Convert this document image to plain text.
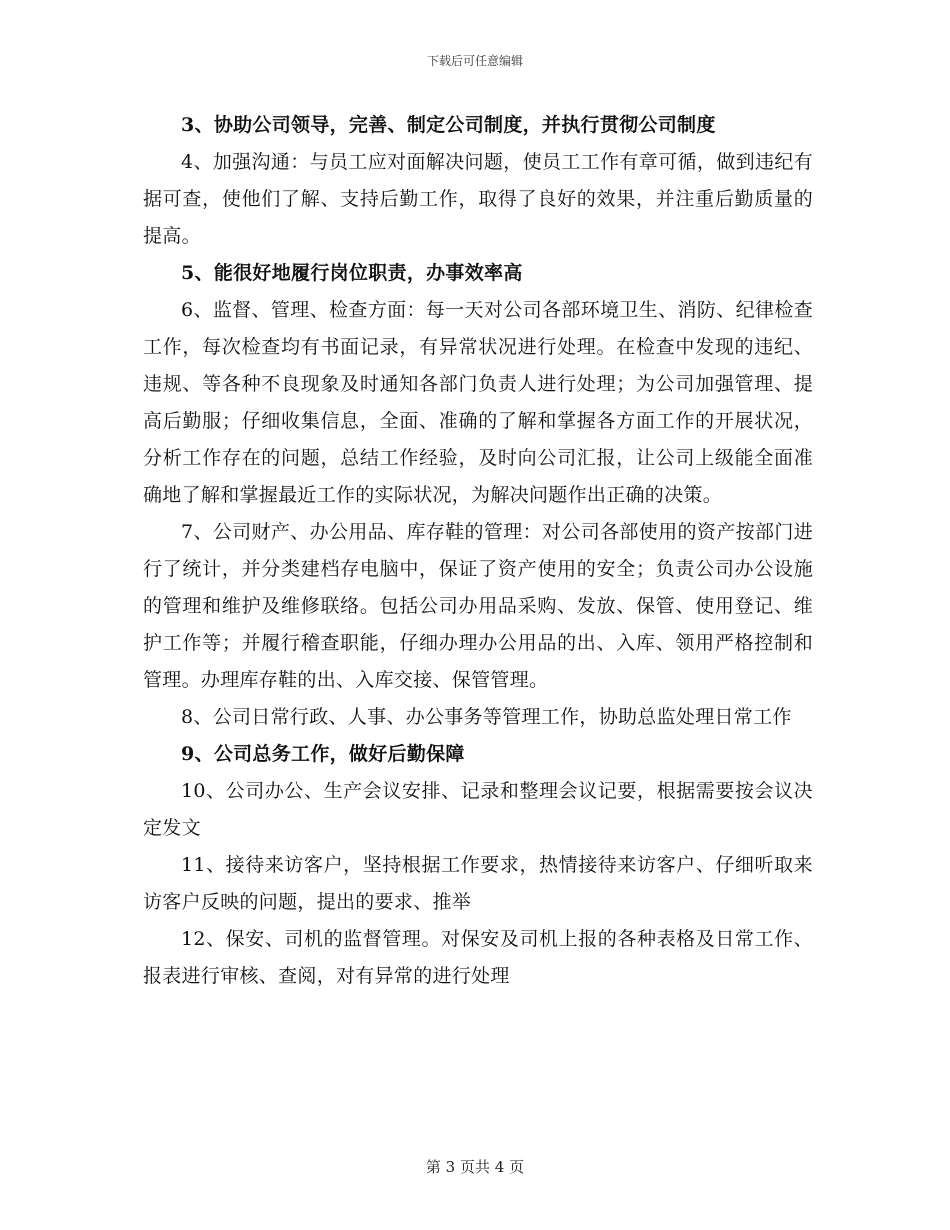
下载后可任意编辑

3、协助公司领导，完善、制定公司制度，并执行贯彻公司制度

4、加强沟通：与员工应对面解决问题，使员工工作有章可循，做到违纪有据可查，使他们了解、支持后勤工作，取得了良好的效果，并注重后勤质量的提高。

5、能很好地履行岗位职责，办事效率高

6、监督、管理、检查方面：每一天对公司各部环境卫生、消防、纪律检查工作，每次检查均有书面记录，有异常状况进行处理。在检查中发现的违纪、违规、等各种不良现象及时通知各部门负责人进行处理；为公司加强管理、提高后勤服；仔细收集信息，全面、准确的了解和掌握各方面工作的开展状况，分析工作存在的问题，总结工作经验，及时向公司汇报，让公司上级能全面准确地了解和掌握最近工作的实际状况，为解决问题作出正确的决策。

7、公司财产、办公用品、库存鞋的管理：对公司各部使用的资产按部门进行了统计，并分类建档存电脑中，保证了资产使用的安全；负责公司办公设施的管理和维护及维修联络。包括公司办用品采购、发放、保管、使用登记、维护工作等；并履行稽查职能，仔细办理办公用品的出、入库、领用严格控制和管理。办理库存鞋的出、入库交接、保管管理。

8、公司日常行政、人事、办公事务等管理工作，协助总监处理日常工作

9、公司总务工作，做好后勤保障

10、公司办公、生产会议安排、记录和整理会议记要，根据需要按会议决定发文

11、接待来访客户，坚持根据工作要求，热情接待来访客户、仔细听取来访客户反映的问题，提出的要求、推举

12、保安、司机的监督管理。对保安及司机上报的各种表格及日常工作、报表进行审核、查阅，对有异常的进行处理

第 3 页共 4 页
